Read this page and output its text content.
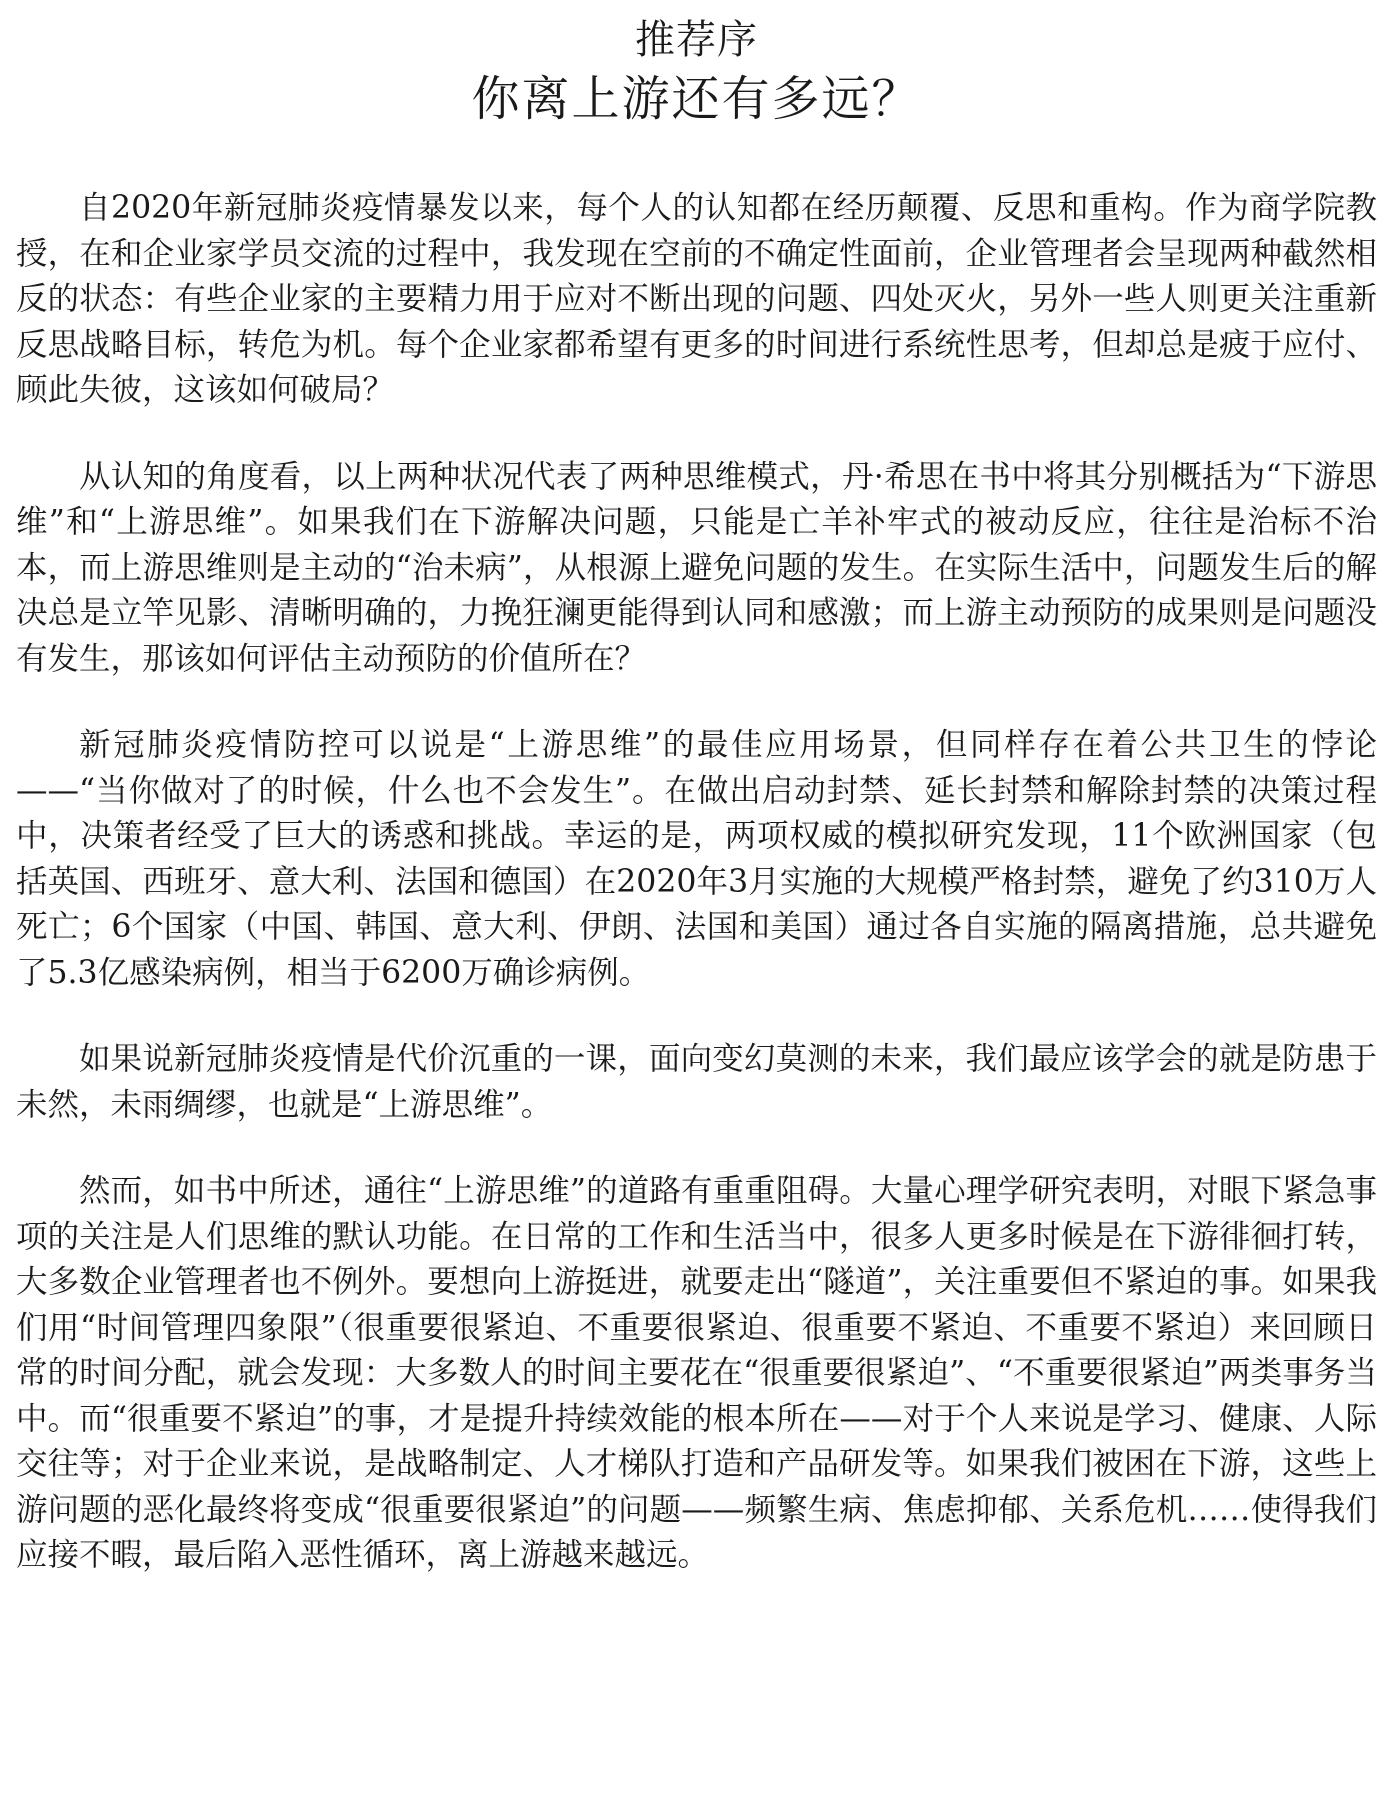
推荐序
你离上游还有多远？

自2020年新冠肺炎疫情暴发以来，每个人的认知都在经历颠覆、反思和重构。作为商学院教授，在和企业家学员交流的过程中，我发现在空前的不确定性面前，企业管理者会呈现两种截然相反的状态：有些企业家的主要精力用于应对不断出现的问题、四处灭火，另外一些人则更关注重新反思战略目标，转危为机。每个企业家都希望有更多的时间进行系统性思考，但却总是疲于应付、顾此失彼，这该如何破局？

从认知的角度看，以上两种状况代表了两种思维模式，丹·希思在书中将其分别概括为“下游思维”和“上游思维”。如果我们在下游解决问题，只能是亡羊补牢式的被动反应，往往是治标不治本，而上游思维则是主动的“治未病”，从根源上避免问题的发生。在实际生活中，问题发生后的解决总是立竿见影、清晰明确的，力挽狂澜更能得到认同和感激；而上游主动预防的成果则是问题没有发生，那该如何评估主动预防的价值所在？

新冠肺炎疫情防控可以说是“上游思维”的最佳应用场景，但同样存在着公共卫生的悖论——“当你做对了的时候，什么也不会发生”。在做出启动封禁、延长封禁和解除封禁的决策过程中，决策者经受了巨大的诱惑和挑战。幸运的是，两项权威的模拟研究发现，11个欧洲国家（包括英国、西班牙、意大利、法国和德国）在2020年3月实施的大规模严格封禁，避免了约310万人死亡；6个国家（中国、韩国、意大利、伊朗、法国和美国）通过各自实施的隔离措施，总共避免了5.3亿感染病例，相当于6200万确诊病例。

如果说新冠肺炎疫情是代价沉重的一课，面向变幻莫测的未来，我们最应该学会的就是防患于未然，未雨绸缪，也就是“上游思维”。

然而，如书中所述，通往“上游思维”的道路有重重阻碍。大量心理学研究表明，对眼下紧急事项的关注是人们思维的默认功能。在日常的工作和生活当中，很多人更多时候是在下游徘徊打转，大多数企业管理者也不例外。要想向上游挺进，就要走出“隧道”，关注重要但不紧迫的事。如果我们用“时间管理四象限”（很重要很紧迫、不重要很紧迫、很重要不紧迫、不重要不紧迫）来回顾日常的时间分配，就会发现：大多数人的时间主要花在“很重要很紧迫”、“不重要很紧迫”两类事务当中。而“很重要不紧迫”的事，才是提升持续效能的根本所在——对于个人来说是学习、健康、人际交往等；对于企业来说，是战略制定、人才梯队打造和产品研发等。如果我们被困在下游，这些上游问题的恶化最终将变成“很重要很紧迫”的问题——频繁生病、焦虑抑郁、关系危机……使得我们应接不暇，最后陷入恶性循环，离上游越来越远。
